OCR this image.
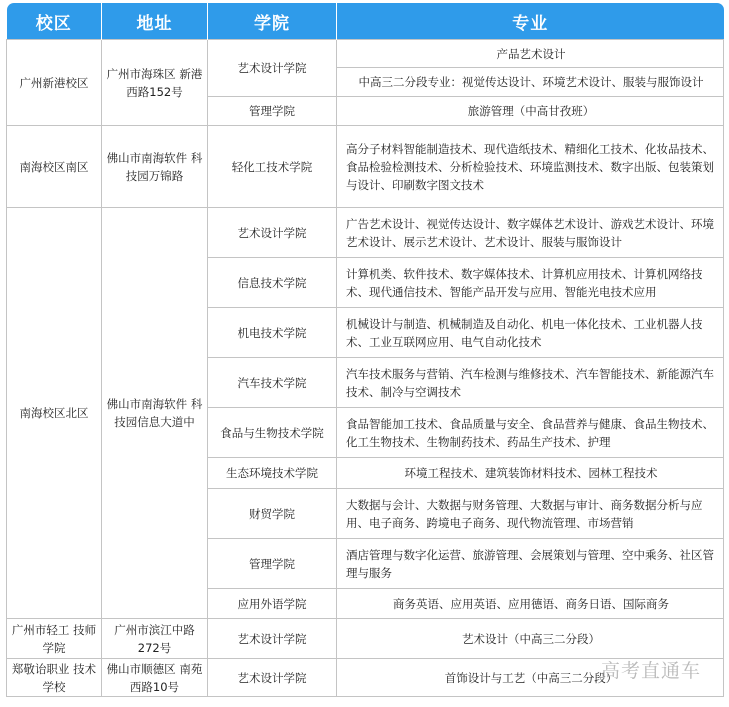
校区	地址	学院	专业
广州新港校区	广州市海珠区 新港西路152号	艺术设计学院	产品艺术设计
			中高三二分段专业：视觉传达设计、环境艺术设计、服装与服饰设计
		管理学院	旅游管理（中高甘孜班）
南海校区南区	佛山市南海软件 科技园万锦路	轻化工技术学院	高分子材料智能制造技术、现代造纸技术、精细化工技术、化妆品技术、食品检验检测技术、分析检验技术、环境监测技术、数字出版、包装策划与设计、印刷数字图文技术
南海校区北区	佛山市南海软件 科技园信息大道中	艺术设计学院	广告艺术设计、视觉传达设计、数字媒体艺术设计、游戏艺术设计、环境艺术设计、展示艺术设计、艺术设计、服装与服饰设计
		信息技术学院	计算机类、软件技术、数字媒体技术、计算机应用技术、计算机网络技术、现代通信技术、智能产品开发与应用、智能光电技术应用
		机电技术学院	机械设计与制造、机械制造及自动化、机电一体化技术、工业机器人技术、工业互联网应用、电气自动化技术
		汽车技术学院	汽车技术服务与营销、汽车检测与维修技术、汽车智能技术、新能源汽车技术、制冷与空调技术
		食品与生物技术学院	食品智能加工技术、食品质量与安全、食品营养与健康、食品生物技术、化工生物技术、生物制药技术、药品生产技术、护理
		生态环境技术学院	环境工程技术、建筑装饰材料技术、园林工程技术
		财贸学院	大数据与会计、大数据与财务管理、大数据与审计、商务数据分析与应用、电子商务、跨境电子商务、现代物流管理、市场营销
		管理学院	酒店管理与数字化运营、旅游管理、会展策划与管理、空中乘务、社区管理与服务
		应用外语学院	商务英语、应用英语、应用德语、商务日语、国际商务
广州市轻工 技师学院	广州市滨江中路 272号	艺术设计学院	艺术设计（中高三二分段）
郑敬诒职业 技术学校	佛山市顺德区 南苑西路10号	艺术设计学院	首饰设计与工艺（中高三二分段）
高考直通车
